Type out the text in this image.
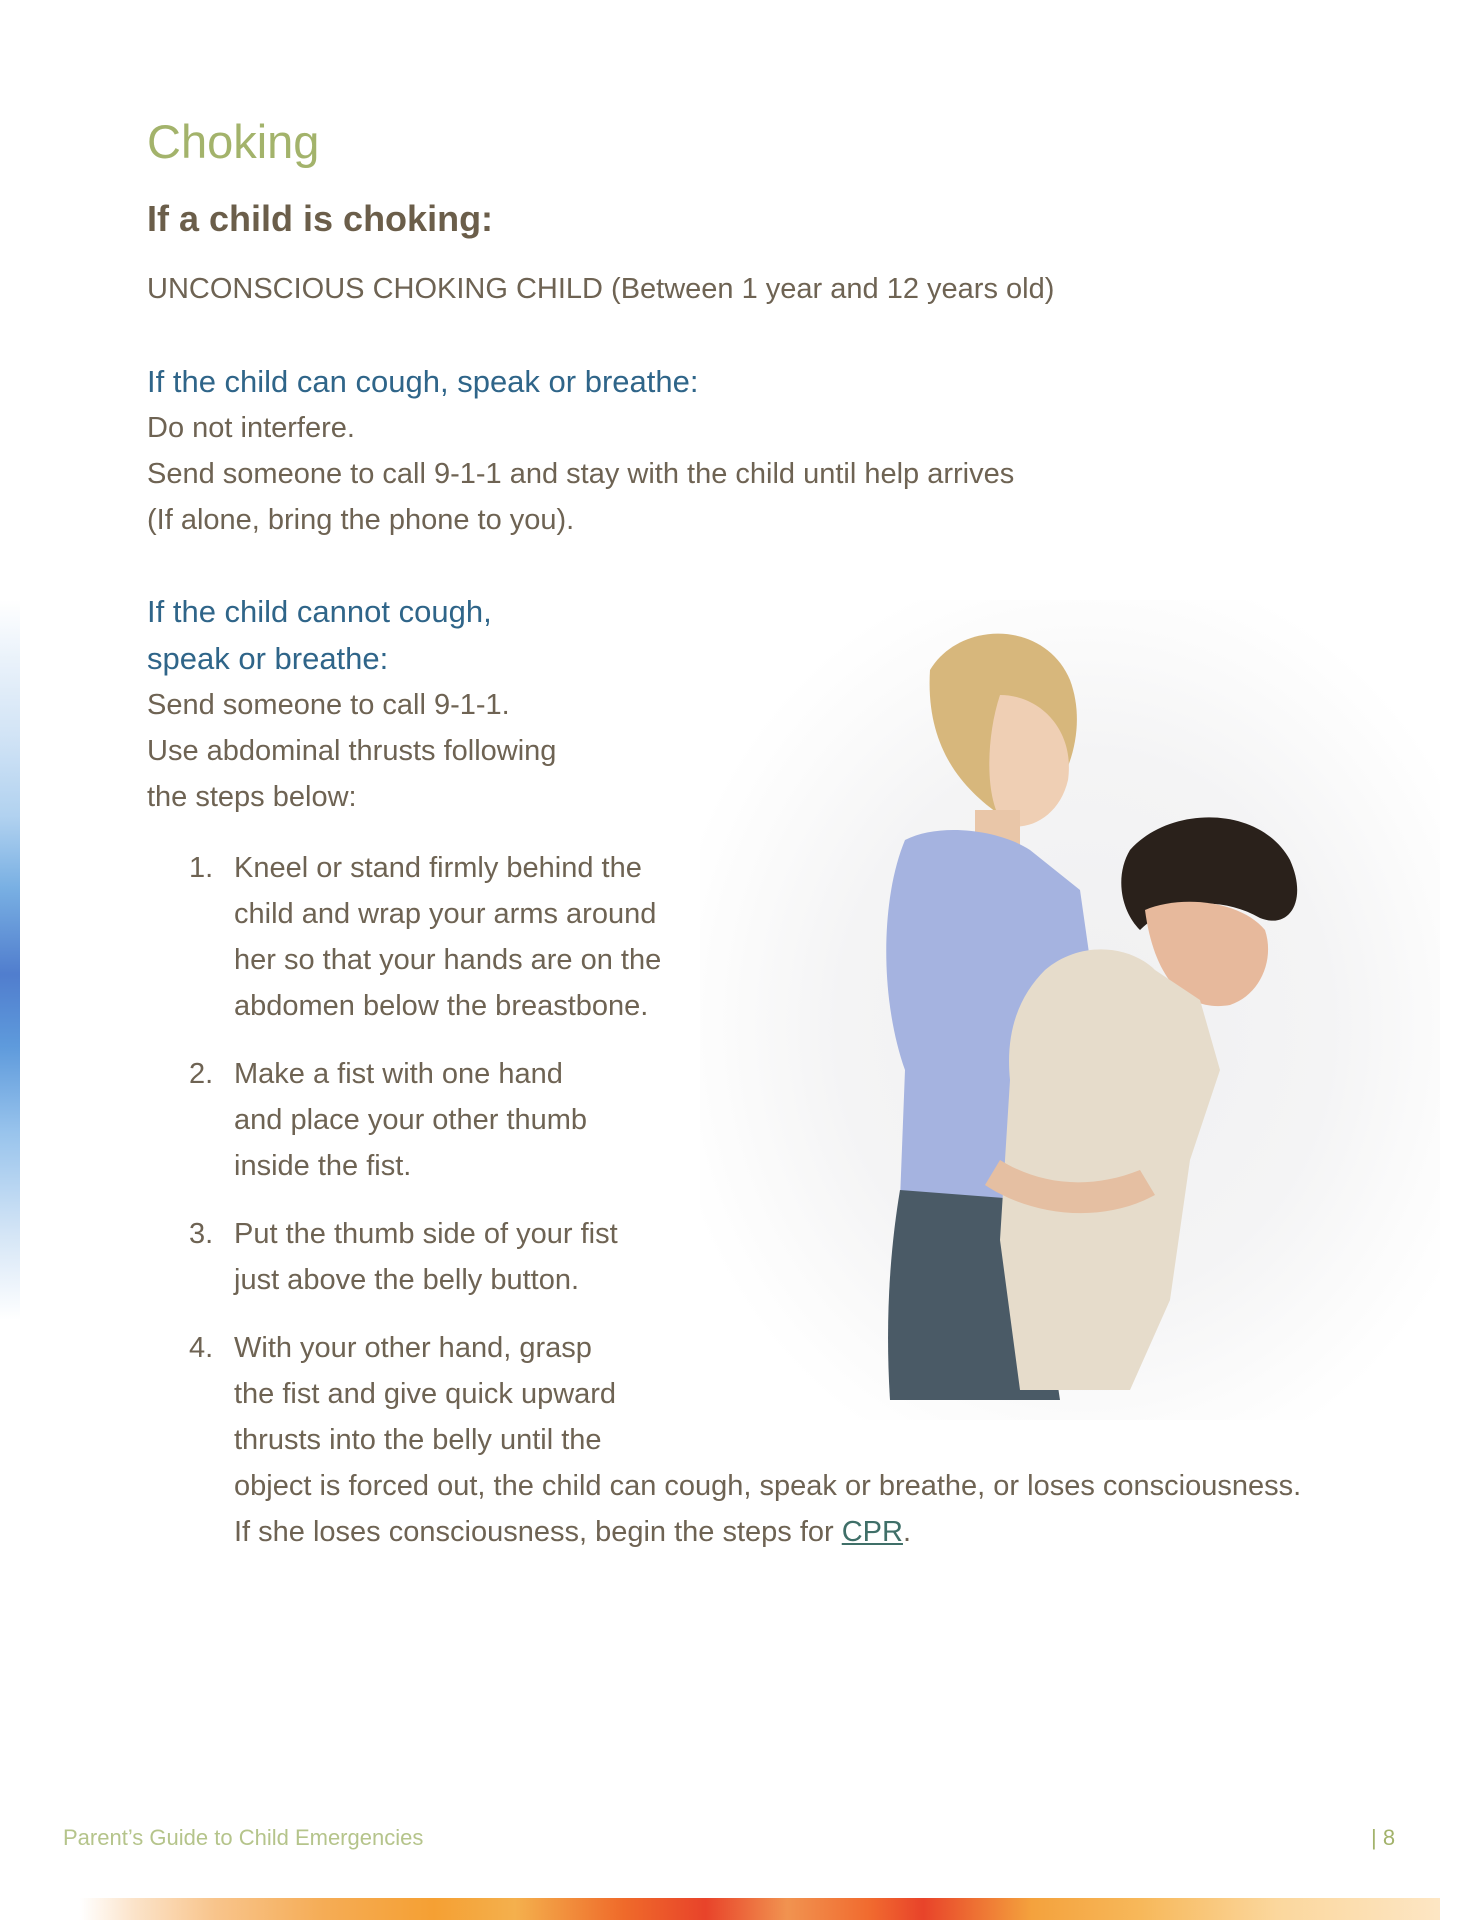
Choking
If a child is choking:
UNCONSCIOUS CHOKING CHILD (Between 1 year and 12 years old)
If the child can cough, speak or breathe:
Do not interfere.
Send someone to call 9-1-1 and stay with the child until help arrives
(If alone, bring the phone to you).
If the child cannot cough,
speak or breathe:
Send someone to call 9-1-1.
Use abdominal thrusts following
the steps below:
1. Kneel or stand firmly behind the
child and wrap your arms around
her so that your hands are on the
abdomen below the breastbone.
2. Make a fist with one hand
and place your other thumb
inside the fist.
3. Put the thumb side of your fist
just above the belly button.
4. With your other hand, grasp
the fist and give quick upward
thrusts into the belly until the
object is forced out, the child can cough, speak or breathe, or loses consciousness.
If she loses consciousness, begin the steps for CPR.
Parent’s Guide to Child Emergencies	| 8
